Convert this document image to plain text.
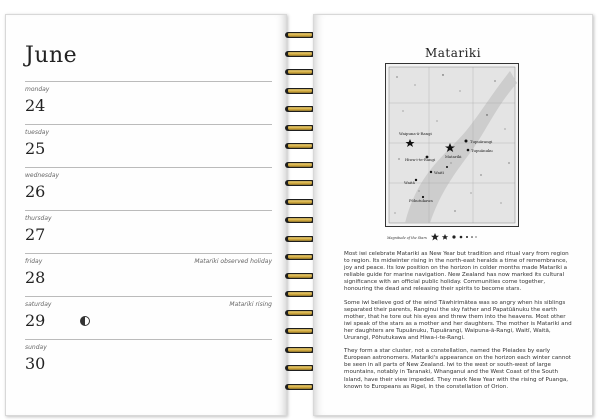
June
monday
24
tuesday
25
wednesday
26
thursday
27
friday
28
Matariki observed holiday
saturday
29
Matariki rising
sunday
30
Matariki
Waipuna-ā-Rangi
Tupuārangi
Tupuānuku
Matariki
Hiwa-i-te-Rangi
Waitī
Waitā
Pōhutukawa
Magnitude of the Stars

Most iwi celebrate Matariki as New Year but tradition and ritual vary from region to region. Its midwinter rising in the north-east heralds a time of remembrance, joy and peace. Its low position on the horizon in colder months made Matariki a reliable guide for marine navigation. New Zealand has now marked its cultural significance with an official public holiday. Communities come together, honouring the dead and releasing their spirits to become stars.

Some iwi believe god of the wind Tāwhirimātea was so angry when his siblings separated their parents, Ranginui the sky father and Papatūānuku the earth mother, that he tore out his eyes and threw them into the heavens. Most other iwi speak of the stars as a mother and her daughters. The mother is Matariki and her daughters are Tupuānuku, Tupuārangi, Waipuna-ā-Rangi, Waitī, Waitā, Ururangi, Pōhutukawa and Hiwa-i-te-Rangi.

They form a star cluster, not a constellation, named the Pleiades by early European astronomers. Matariki's appearance on the horizon each winter cannot be seen in all parts of New Zealand. Iwi to the west or south-west of large mountains, notably in Taranaki, Whanganui and the West Coast of the South Island, have their view impeded. They mark New Year with the rising of Puanga, known to Europeans as Rigel, in the constellation of Orion.
